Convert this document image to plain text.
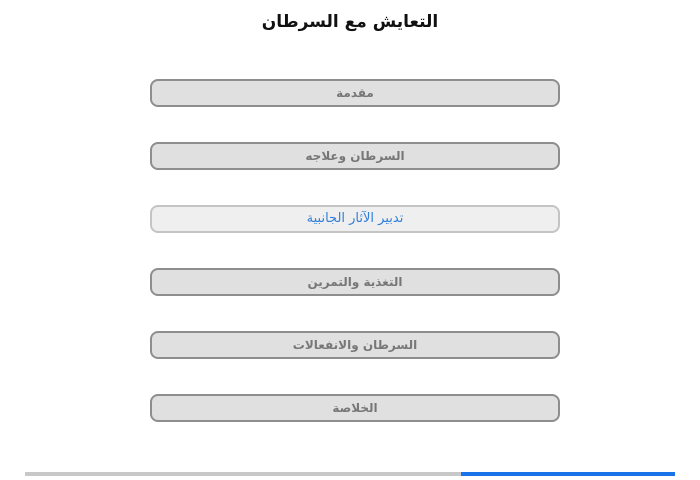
التعايش مع السرطان
مقدمة
السرطان وعلاجه
تدبير الآثار الجانبية
التغذية والتمرين
السرطان والانفعالات
الخلاصة
